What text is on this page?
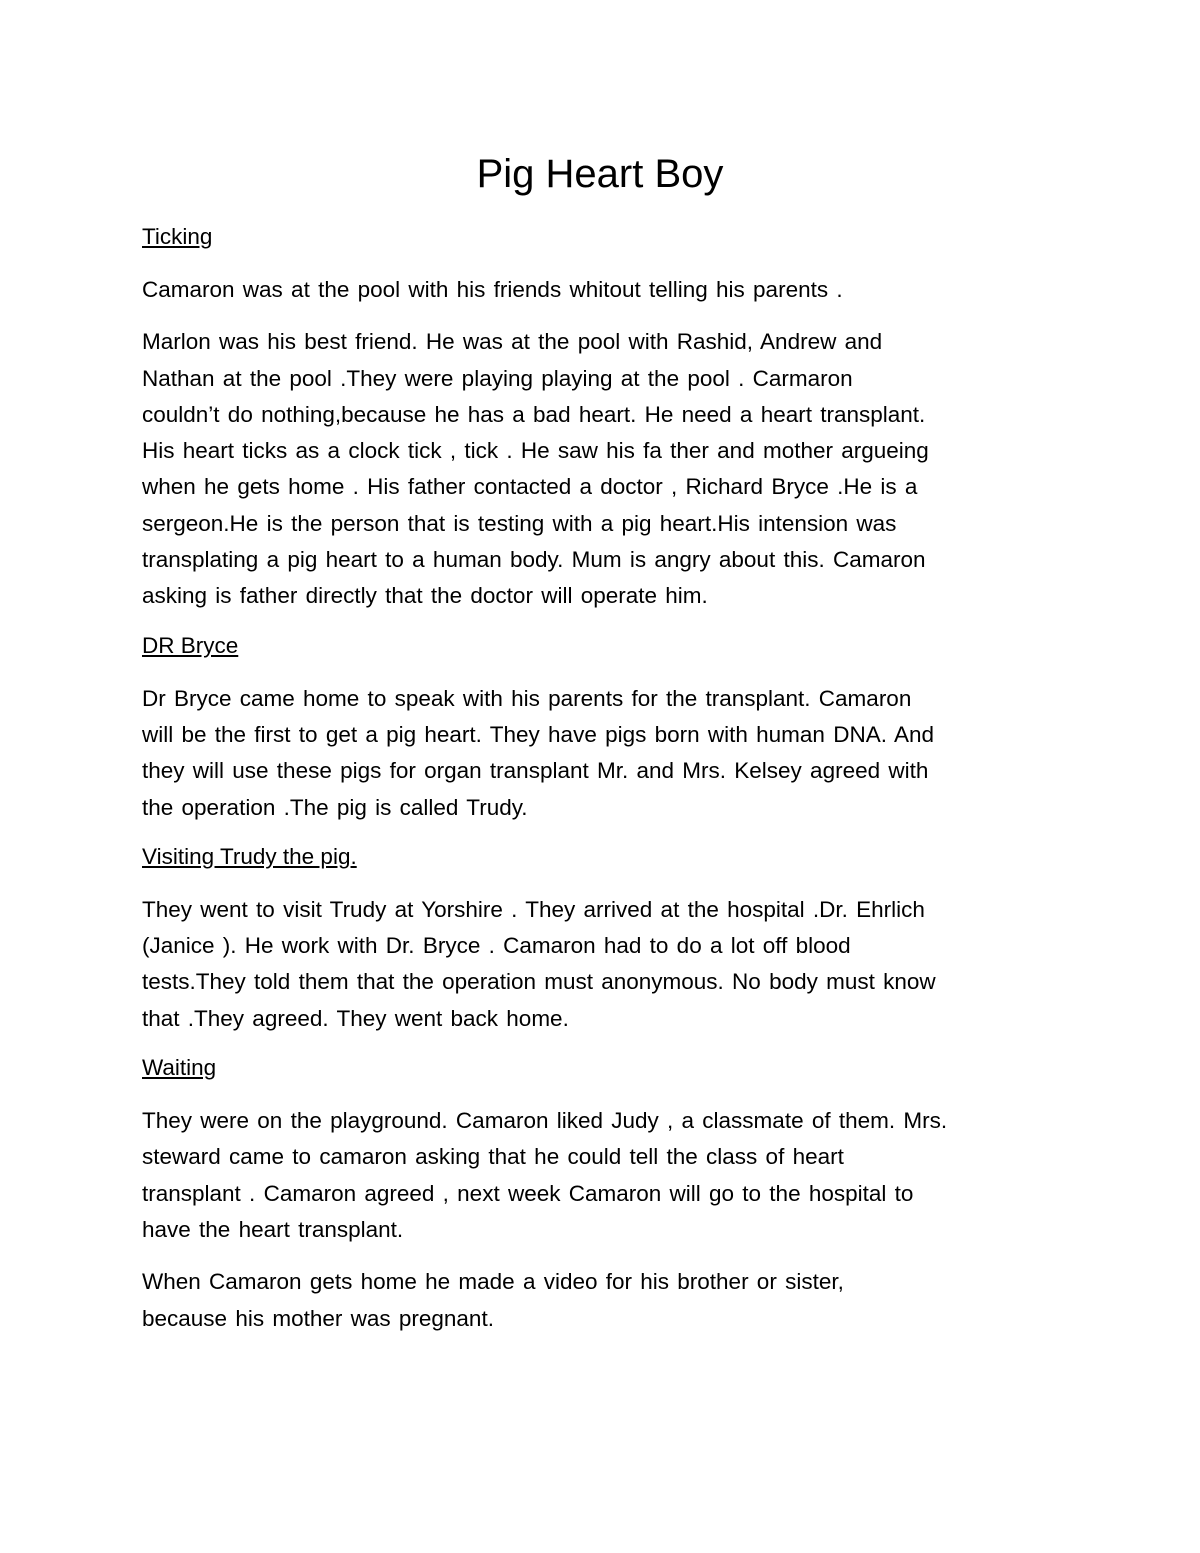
Pig Heart Boy
Ticking

Camaron was at the pool with his friends whitout telling his parents .

Marlon was his best friend. He was at the pool with Rashid, Andrew and
Nathan at the pool .They were playing playing at the pool . Carmaron
couldn’t do nothing,because he has a bad heart. He need a heart transplant.
His heart ticks as a clock tick , tick . He saw his fa ther and mother argueing
when he gets home . His father contacted a doctor , Richard Bryce .He is a
sergeon.He is the person that is testing with a pig heart.His intension was
transplating a pig heart to a human body. Mum is angry about this. Camaron
asking is father directly that the doctor will operate him.

DR Bryce

Dr Bryce came home to speak with his parents for the transplant. Camaron
will be the first to get a pig heart. They have pigs born with human DNA. And
they will use these pigs for organ transplant Mr. and Mrs. Kelsey agreed with
the operation .The pig is called Trudy.

Visiting Trudy the pig.

They went to visit Trudy at Yorshire . They arrived at the hospital .Dr. Ehrlich
(Janice ). He work with Dr. Bryce . Camaron had to do a lot off blood
tests.They told them that the operation must anonymous. No body must know
that .They agreed. They went back home.

Waiting

They were on the playground. Camaron liked Judy , a classmate of them. Mrs.
steward came to camaron asking that he could tell the class of heart
transplant . Camaron agreed , next week Camaron will go to the hospital to
have the heart transplant.

When Camaron gets home he made a video for his brother or sister,
because his mother was pregnant.
